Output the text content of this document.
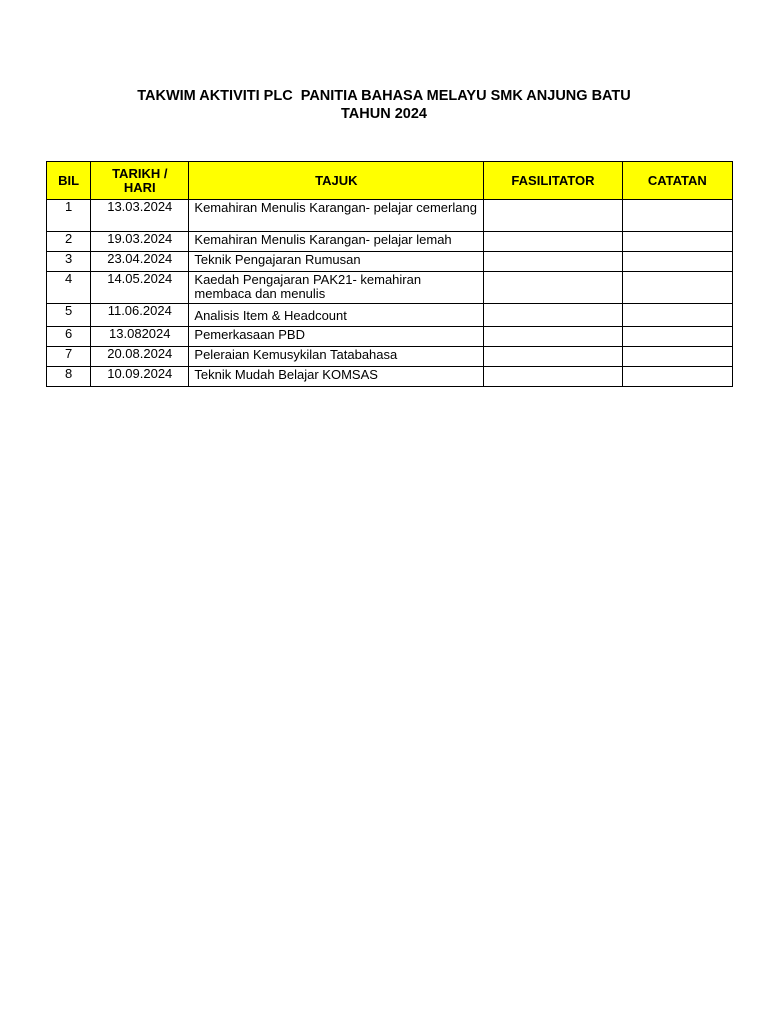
TAKWIM AKTIVITI PLC  PANITIA BAHASA MELAYU SMK ANJUNG BATU
TAHUN 2024
BIL	TARIKH / HARI	TAJUK	FASILITATOR	CATATAN
1	13.03.2024	Kemahiran Menulis Karangan- pelajar cemerlang		
2	19.03.2024	Kemahiran Menulis Karangan- pelajar lemah		
3	23.04.2024	Teknik Pengajaran Rumusan		
4	14.05.2024	Kaedah Pengajaran PAK21- kemahiran membaca dan menulis		
5	11.06.2024	Analisis Item & Headcount		
6	13.082024	Pemerkasaan PBD		
7	20.08.2024	Peleraian Kemusykilan Tatabahasa		
8	10.09.2024	Teknik Mudah Belajar KOMSAS		
